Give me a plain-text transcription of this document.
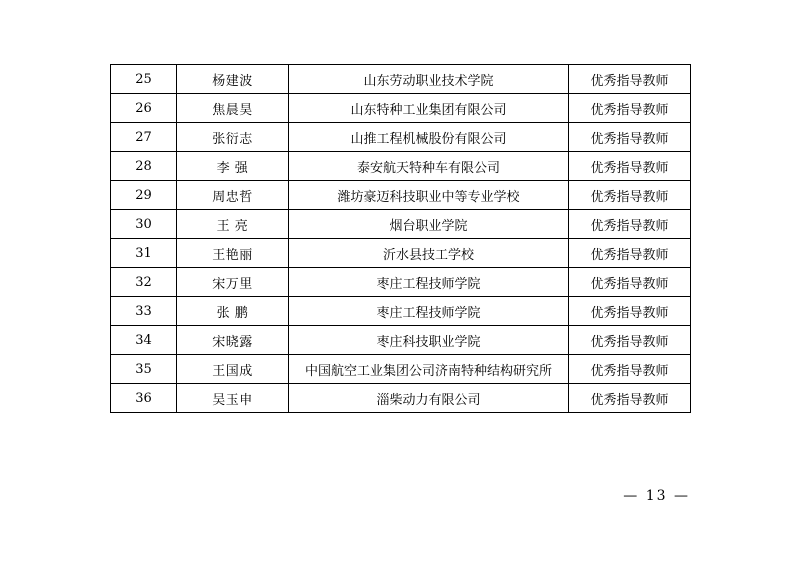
25	杨建波	山东劳动职业技术学院	优秀指导教师
26	焦晨昊	山东特种工业集团有限公司	优秀指导教师
27	张衍志	山推工程机械股份有限公司	优秀指导教师
28	李 强	泰安航天特种车有限公司	优秀指导教师
29	周忠哲	潍坊豪迈科技职业中等专业学校	优秀指导教师
30	王 亮	烟台职业学院	优秀指导教师
31	王艳丽	沂水县技工学校	优秀指导教师
32	宋万里	枣庄工程技师学院	优秀指导教师
33	张 鹏	枣庄工程技师学院	优秀指导教师
34	宋晓露	枣庄科技职业学院	优秀指导教师
35	王国成	中国航空工业集团公司济南特种结构研究所	优秀指导教师
36	吴玉申	淄柴动力有限公司	优秀指导教师
— 13 —
